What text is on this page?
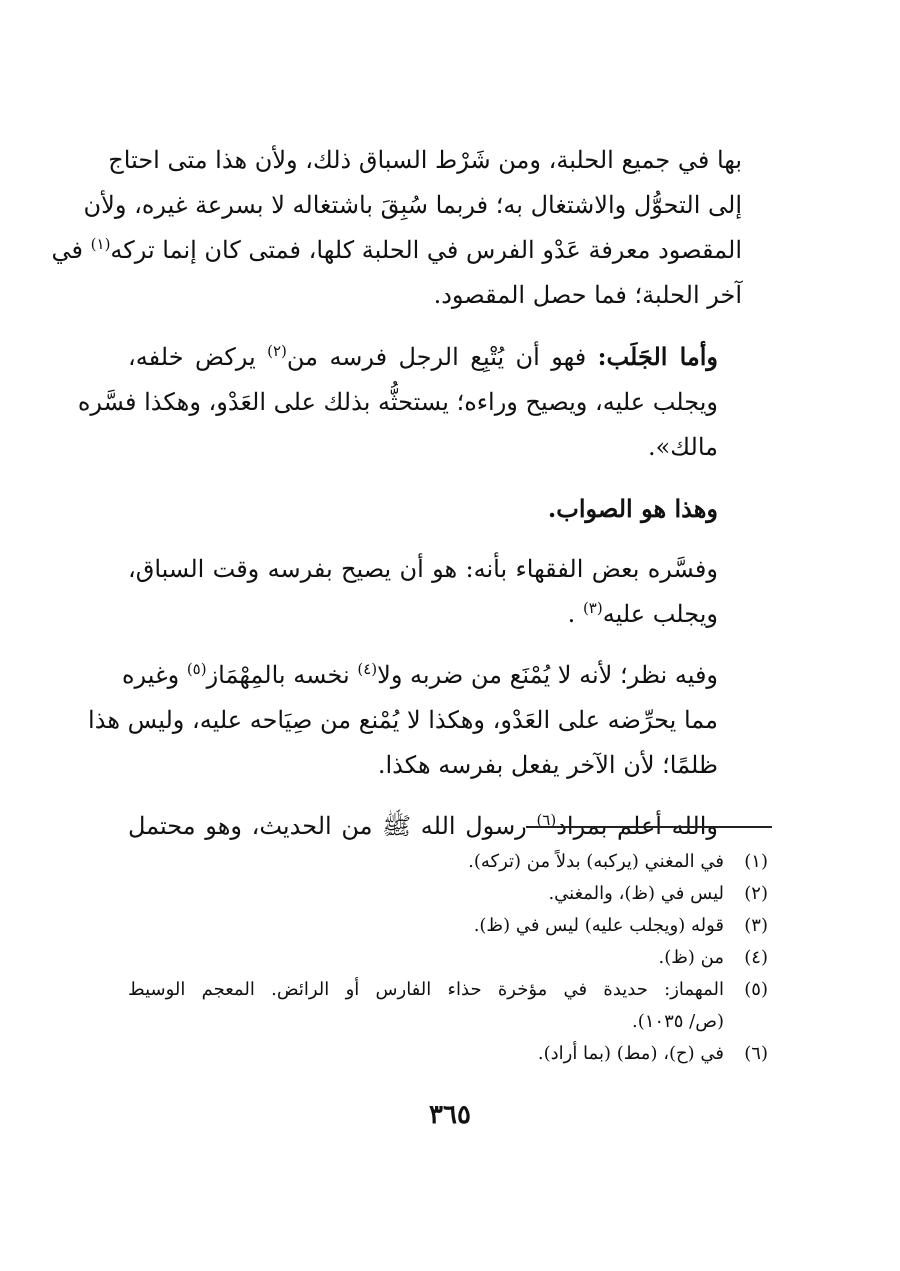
بها في جميع الحلبة، ومن شَرْط السباق ذلك، ولأن هذا متى احتاج
إلى التحوُّل والاشتغال به؛ فربما سُبِقَ باشتغاله لا بسرعة غيره، ولأن
المقصود معرفة عَدْو الفرس في الحلبة كلها، فمتى كان إنما تركه$^{(١)}$ في
آخر الحلبة؛ فما حصل المقصود.
وأما الجَلَب: فهو أن يُتْبِع الرجل فرسه من$^{(٢)}$ يركض خلفه،
ويجلب عليه، ويصيح وراءه؛ يستحثُّه بذلك على العَدْو، وهكذا فسَّره
مالك».
وهذا هو الصواب.
وفسَّره بعض الفقهاء بأنه: هو أن يصيح بفرسه وقت السباق،
ويجلب عليه$^{(٣)}$ .
وفيه نظر؛ لأنه لا يُمْنَع من ضربه ولا$^{(٤)}$ نخسه بالمِهْمَاز$^{(٥)}$ وغيره
مما يحرِّضه على العَدْو، وهكذا لا يُمْنع من صِيَاحه عليه، وليس هذا
ظلمًا؛ لأن الآخر يفعل بفرسه هكذا.
والله أعلم بمراد$^{(٦)}$ رسول الله ﷺ من الحديث، وهو محتمل
(١)
في المغني (يركبه) بدلاً من (تركه).
(٢)
ليس في (ظ)، والمغني.
(٣)
قوله (ويجلب عليه) ليس في (ظ).
(٤)
من (ظ).
(٥)
المهماز: حديدة في مؤخرة حذاء الفارس أو الرائض. المعجم الوسيط
(ص/ ١٠٣٥).
(٦)
في (ح)، (مط) (بما أراد).
٣٦٥
